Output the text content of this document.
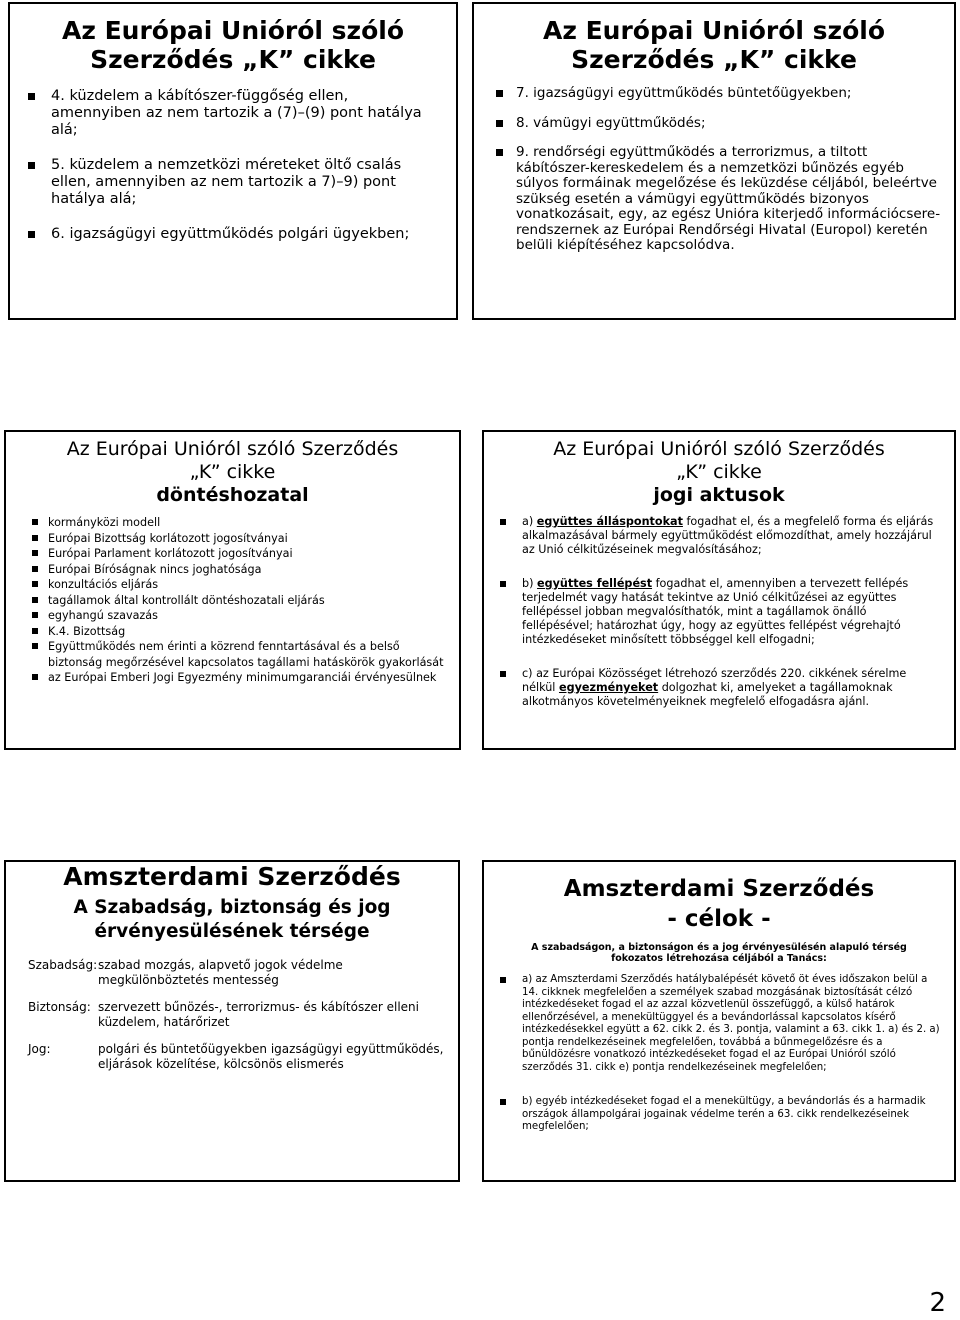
Az Európai Unióról szóló
Szerződés „K” cikke
4. küzdelem a kábítószer-függőség ellen, amennyiben az nem tartozik a (7)–(9) pont hatálya alá;
5. küzdelem a nemzetközi méreteket öltő csalás ellen, amennyiben az nem tartozik a 7)–9) pont hatálya alá;
6. igazságügyi együttműködés polgári ügyekben;
Az Európai Unióról szóló
Szerződés „K” cikke
7. igazságügyi együttműködés büntetőügyekben;
8. vámügyi együttműködés;
9. rendőrségi együttműködés a terrorizmus, a tiltott kábítószer-kereskedelem és a nemzetközi bűnözés egyéb súlyos formáinak megelőzése és leküzdése céljából, beleértve szükség esetén a vámügyi együttműködés bizonyos vonatkozásait, egy, az egész Unióra kiterjedő információcsere-rendszernek az Európai Rendőrségi Hivatal (Europol) keretén belüli kiépítéséhez kapcsolódva.
Az Európai Unióról szóló Szerződés
„K” cikke
döntéshozatal
kormányközi modell
Európai Bizottság korlátozott jogosítványai
Európai Parlament korlátozott jogosítványai
Európai Bíróságnak nincs joghatósága
konzultációs eljárás
tagállamok által kontrollált döntéshozatali eljárás
egyhangú szavazás
K.4. Bizottság
Együttműködés nem érinti a közrend fenntartásával és a belső biztonság megőrzésével kapcsolatos tagállami hatáskörök gyakorlását
az Európai Emberi Jogi Egyezmény minimumgaranciái érvényesülnek
Az Európai Unióról szóló Szerződés
„K” cikke
jogi aktusok
a) együttes álláspontokat fogadhat el, és a megfelelő forma és eljárás alkalmazásával bármely együttműködést előmozdíthat, amely hozzájárul az Unió célkitűzéseinek megvalósításához;
b) együttes fellépést fogadhat el, amennyiben a tervezett fellépés terjedelmét vagy hatását tekintve az Unió célkitűzései az együttes fellépéssel jobban megvalósíthatók, mint a tagállamok önálló fellépésével; határozhat úgy, hogy az együttes fellépést végrehajtó intézkedéseket minősített többséggel kell elfogadni;
c) az Európai Közösséget létrehozó szerződés 220. cikkének sérelme nélkül egyezményeket dolgozhat ki, amelyeket a tagállamoknak alkotmányos követelményeiknek megfelelő elfogadásra ajánl.
Amszterdami Szerződés
A Szabadság, biztonság és jog
érvényesülésének térsége
Szabadság: szabad mozgás, alapvető jogok védelme megkülönböztetés mentesség
Biztonság: szervezett bűnözés-, terrorizmus- és kábítószer elleni küzdelem, határőrizet
Jog:	polgári és büntetőügyekben igazságügyi együttműködés, eljárások közelítése, kölcsönös elismerés
Amszterdami Szerződés
- célok -
A szabadságon, a biztonságon és a jog érvényesülésén alapuló térség fokozatos létrehozása céljából a Tanács:
a) az Amszterdami Szerződés hatálybalépését követő öt éves időszakon belül a 14. cikknek megfelelően a személyek szabad mozgásának biztosítását célzó intézkedéseket fogad el az azzal közvetlenül összefüggő, a külső határok ellenőrzésével, a menekültüggyel és a bevándorlással kapcsolatos kísérő intézkedésekkel együtt a 62. cikk 2. és 3. pontja, valamint a 63. cikk 1. a) és 2. a) pontja rendelkezéseinek megfelelően, továbbá a bűnmegelőzésre és a bűnüldözésre vonatkozó intézkedéseket fogad el az Európai Unióról szóló szerződés 31. cikk e) pontja rendelkezéseinek megfelelően;
b) egyéb intézkedéseket fogad el a menekültügy, a bevándorlás és a harmadik országok állampolgárai jogainak védelme terén a 63. cikk rendelkezéseinek megfelelően;
2
